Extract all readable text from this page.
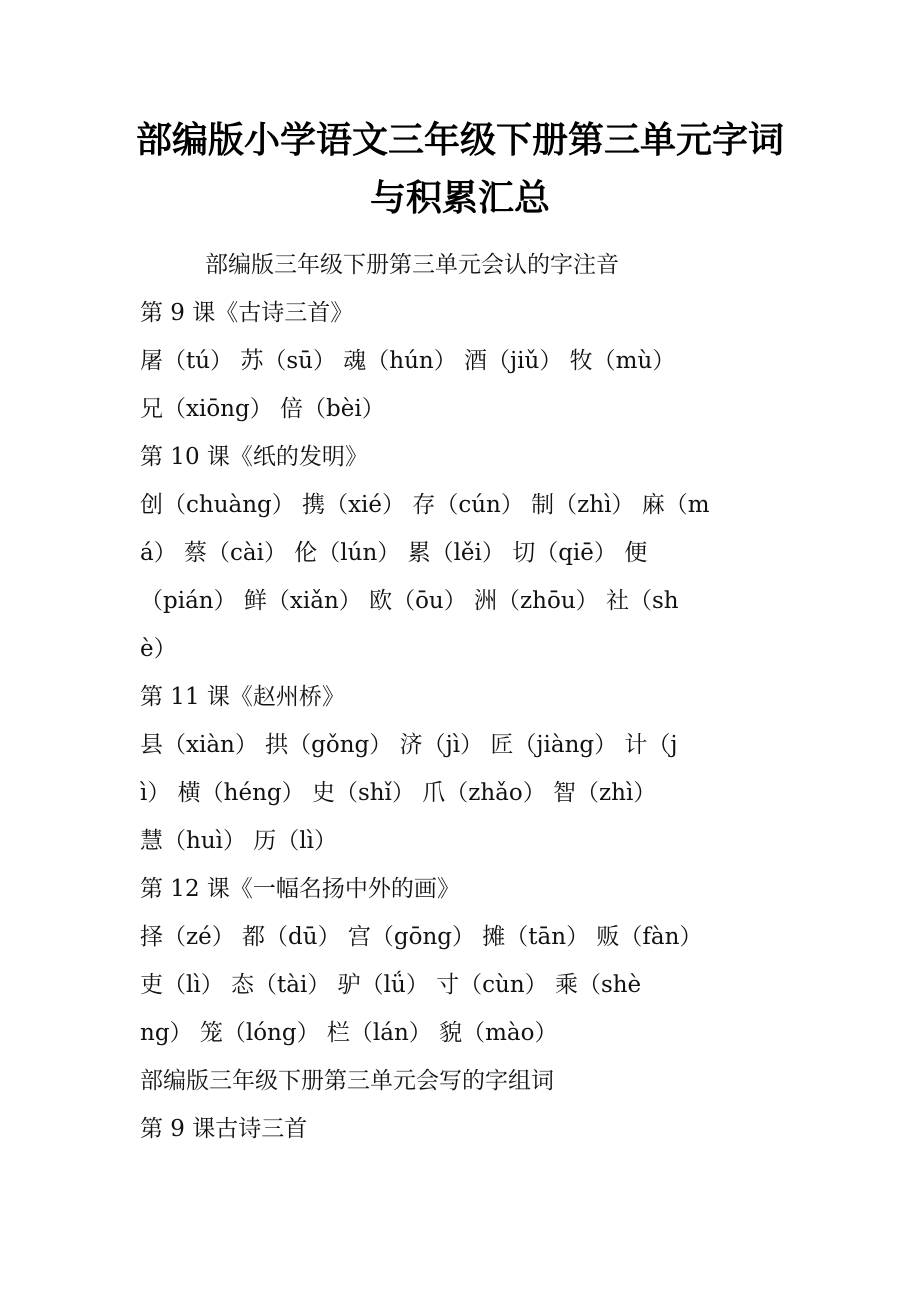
部编版小学语文三年级下册第三单元字词
与积累汇总
部编版三年级下册第三单元会认的字注音
第 9 课《古诗三首》
屠（tú） 苏（sū） 魂（hún） 酒（jiǔ） 牧（mù）
兄（xiōng） 倍（bèi）
第 10 课《纸的发明》
创（chuàng） 携（xié） 存（cún） 制（zhì） 麻（m
á） 蔡（cài） 伦（lún） 累（lěi） 切（qiē） 便
（pián） 鲜（xiǎn） 欧（ōu） 洲（zhōu） 社（sh
è）
第 11 课《赵州桥》
县（xiàn） 拱（gǒng） 济（jì） 匠（jiàng） 计（j
ì） 横（héng） 史（shǐ） 爪（zhǎo） 智（zhì）
慧（huì） 历（lì）
第 12 课《一幅名扬中外的画》
择（zé） 都（dū） 宫（gōng） 摊（tān） 贩（fàn）
吏（lì） 态（tài） 驴（lǘ） 寸（cùn） 乘（shè
ng） 笼（lóng） 栏（lán） 貌（mào）
部编版三年级下册第三单元会写的字组词
第 9 课古诗三首
